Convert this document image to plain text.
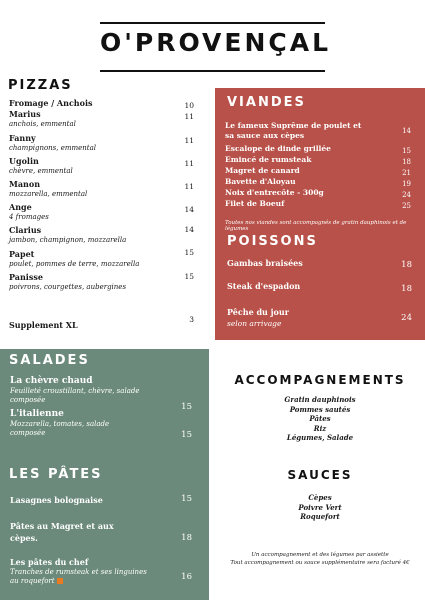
O'PROVENÇAL
PIZZAS
Fromage / Anchois	10
Marius
anchois, emmental
11
Fanny
champignons, emmental
11
Ugolin
chèvre, emmental
11
Manon
mozzarella, emmental
11
Ange
4 fromages
14
Clarius
jambon, champignon, mozzarella
14
Papet
poulet, pommes de terre, mozzarella
15
Panisse
poivrons, courgettes, aubergines
15
Supplement XL
3
VIANDES
Le fameux Suprême de poulet et
sa sauce aux cèpes	14
Escalope de dinde grillée	15
Emincé de rumsteak	18
Magret de canard	21
Bavette d'Aloyau	19
Noix d'entrecôte - 300g	24
Filet de Boeuf	25
Toutes nos viandes sont accompagnés de gratin dauphinois et de légumes
POISSONS
Gambas braisées	18
Steak d'espadon	18
Pêche du jour
selon arrivage
24
SALADES
La chèvre chaud
Feuilleté croustillant, chèvre, salade
composée
15
L'italienne
Mozzarella, tomates, salade
composée	15
LES PÂTES
Lasagnes bolognaise	15
Pâtes au Magret et aux
cèpes.	18
Les pâtes du chef
Tranches de rumsteak et ses linguines
au roquefort	16
ACCOMPAGNEMENTS
Gratin dauphinois
Pommes sautés
Pâtes
Riz
Légumes, Salade
SAUCES
Cèpes
Poivre Vert
Roquefort
Un accompagnement et des légumes par assiette
Tout accompagnement ou sauce supplémentaire sera facturé 4€
